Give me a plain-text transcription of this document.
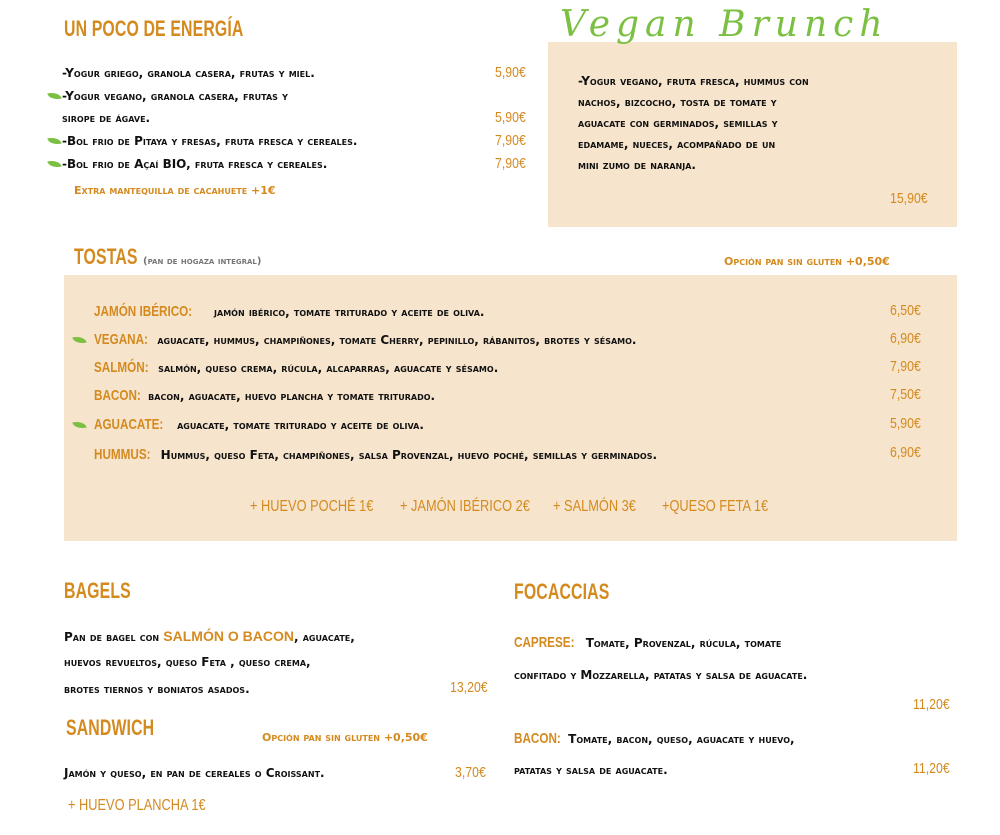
UN POCO DE ENERGÍA
-Yogur griego, granola casera, frutas y miel.	5,90€
-Yogur vegano, granola casera, frutas y
sirope de ágave.	5,90€
-Bol frio de Pitaya y fresas, fruta fresca y cereales.	7,90€
-Bol frio de Açaí BIO, fruta fresca y cereales.	7,90€
Extra mantequilla de cacahuete +1€
Vegan Brunch
-Yogur vegano, fruta fresca, hummus con
nachos, bizcocho, tosta de tomate y
aguacate con germinados, semillas y
edamame, nueces, acompañado de un
mini zumo de naranja.
15,90€
TOSTAS (pan de hogaza integral)	Opción pan sin gluten +0,50€
JAMÓN IBÉRICO: jamón ibérico, tomate triturado y aceite de oliva.	6,50€
VEGANA: aguacate, hummus, champiñones, tomate Cherry, pepinillo, rábanitos, brotes y sésamo.	6,90€
SALMÓN: salmón, queso crema, rúcula, alcaparras, aguacate y sésamo.	7,90€
BACON: bacon, aguacate, huevo plancha y tomate triturado.	7,50€
AGUACATE: aguacate, tomate triturado y aceite de oliva.	5,90€
HUMMUS: Hummus, queso Feta, champiñones, salsa Provenzal, huevo poché, semillas y germinados.	6,90€
+ HUEVO POCHÉ 1€ + JAMÓN IBÉRICO 2€ + SALMÓN 3€ +QUESO FETA 1€
BAGELS
Pan de bagel con SALMÓN O BACON, aguacate,
huevos revueltos, queso Feta , queso crema,
brotes tiernos y boniatos asados.	13,20€
SANDWICH	Opción pan sin gluten +0,50€
Jamón y queso, en pan de cereales o Croissant.	3,70€
+ HUEVO PLANCHA 1€
FOCACCIAS
CAPRESE: Tomate, Provenzal, rúcula, tomate
confitado y Mozzarella, patatas y salsa de aguacate.
11,20€
BACON: Tomate, bacon, queso, aguacate y huevo,
patatas y salsa de aguacate.	11,20€
